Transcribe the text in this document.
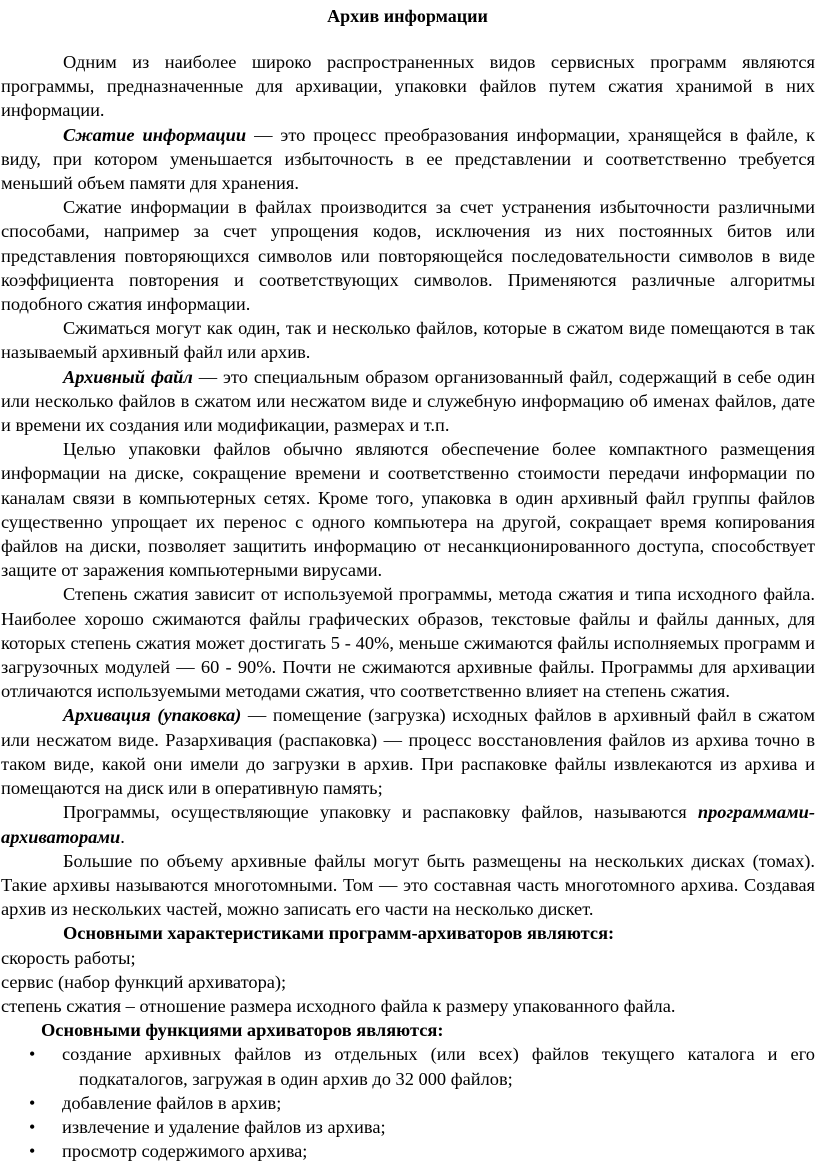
Архив информации

Одним из наиболее широко распространенных видов сервисных программ являются программы, предназначенные для архивации, упаковки файлов путем сжатия хранимой в них информации.

Сжатие информации — это процесс преобразования информации, хранящейся в файле, к виду, при котором уменьшается избыточность в ее представлении и соответственно требуется меньший объем памяти для хранения.

Сжатие информации в файлах производится за счет устранения избыточности различными способами, например за счет упрощения кодов, исключения из них постоянных битов или представления повторяющихся символов или повторяющейся последовательности символов в виде коэффициента повторения и соответствующих символов. Применяются различные алгоритмы подобного сжатия информации.

Сжиматься могут как один, так и несколько файлов, которые в сжатом виде помещаются в так называемый архивный файл или архив.

Архивный файл — это специальным образом организованный файл, содержащий в себе один или несколько файлов в сжатом или несжатом виде и служебную информацию об именах файлов, дате и времени их создания или модификации, размерах и т.п.

Целью упаковки файлов обычно являются обеспечение более компактного размещения информации на диске, сокращение времени и соответственно стоимости передачи информации по каналам связи в компьютерных сетях. Кроме того, упаковка в один архивный файл группы файлов существенно упрощает их перенос с одного компьютера на другой, сокращает время копирования файлов на диски, позволяет защитить информацию от несанкционированного доступа, способствует защите от заражения компьютерными вирусами.

Степень сжатия зависит от используемой программы, метода сжатия и типа исходного файла. Наиболее хорошо сжимаются файлы графических образов, текстовые файлы и файлы данных, для которых степень сжатия может достигать 5 - 40%, меньше сжимаются файлы исполняемых программ и загрузочных модулей — 60 - 90%. Почти не сжимаются архивные файлы. Программы для архивации отличаются используемыми методами сжатия, что соответственно влияет на степень сжатия.

Архивация (упаковка) — помещение (загрузка) исходных файлов в архивный файл в сжатом или несжатом виде. Разархивация (распаковка) — процесс восстановления файлов из архива точно в таком виде, какой они имели до загрузки в архив. При распаковке файлы извлекаются из архива и помещаются на диск или в оперативную память;

Программы, осуществляющие упаковку и распаковку файлов, называются программами-архиваторами.

Большие по объему архивные файлы могут быть размещены на нескольких дисках (томах). Такие архивы называются многотомными. Том — это составная часть многотомного архива. Создавая архив из нескольких частей, можно записать его части на несколько дискет.

Основными характеристиками программ-архиваторов являются:

скорость работы;

сервис (набор функций архиватора);

степень сжатия – отношение размера исходного файла к размеру упакованного файла.

Основными функциями архиваторов являются:
• создание архивных файлов из отдельных (или всех) файлов текущего каталога и его подкаталогов, загружая в один архив до 32 000 файлов;
• добавление файлов в архив;
• извлечение и удаление файлов из архива;
• просмотр содержимого архива;
